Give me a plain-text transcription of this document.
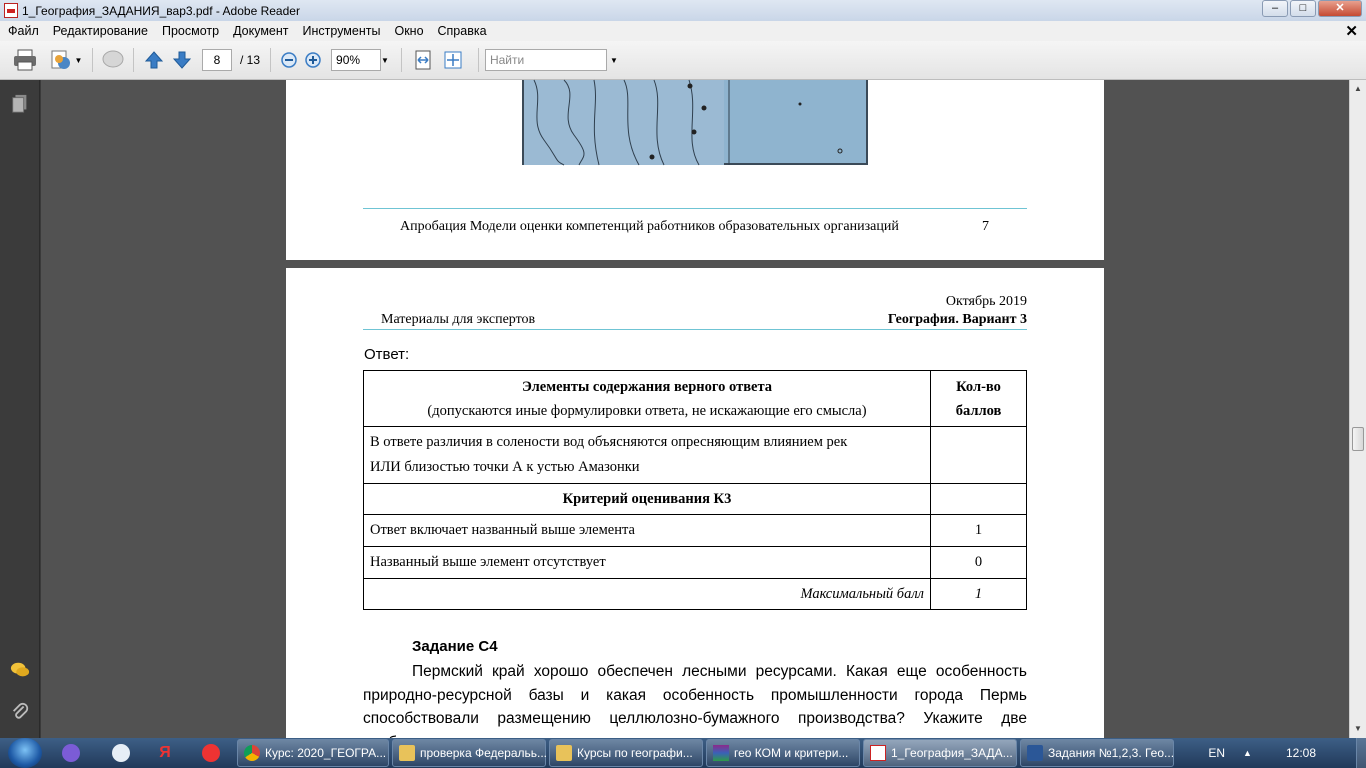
1_География_ЗАДАНИЯ_вар3.pdf - Adobe Reader	–	□	✕
Файл	Редактирование	Просмотр	Документ	Инструменты	Окно	Справка	✕
▼	8	/ 13	90%	▼	Найти	▼
Апробация Модели оценки компетенций работников образовательных организаций	7
Октябрь 2019
Материалы для экспертов	География. Вариант 3
Ответ:
Элементы содержания верного ответа
(допускаются иные формулировки ответа, не искажающие его смысла)	Кол-во
баллов
В ответе различия в солености вод объясняются опресняющим влиянием рек
ИЛИ близостью точки А к устью Амазонки	
Критерий оценивания К3	
Ответ включает названный выше элемента	1
Названный выше элемент отсутствует	0
Максимальный балл	1
Задание С4
Пермский край хорошо обеспечен лесными ресурсами. Какая еще особенность природно-ресурсной базы и какая особенность промышленности города Пермь способствовали размещению целлюлозно-бумажного производства? Укажите две
▲
▼
Я	Курс: 2020_ГЕОГРА...	проверка Федеральь... Курсы по географи...	гео КОМ и критери...	1_География_ЗАДА...	Задания №1,2,3. Гео...	EN ▲	12:08
